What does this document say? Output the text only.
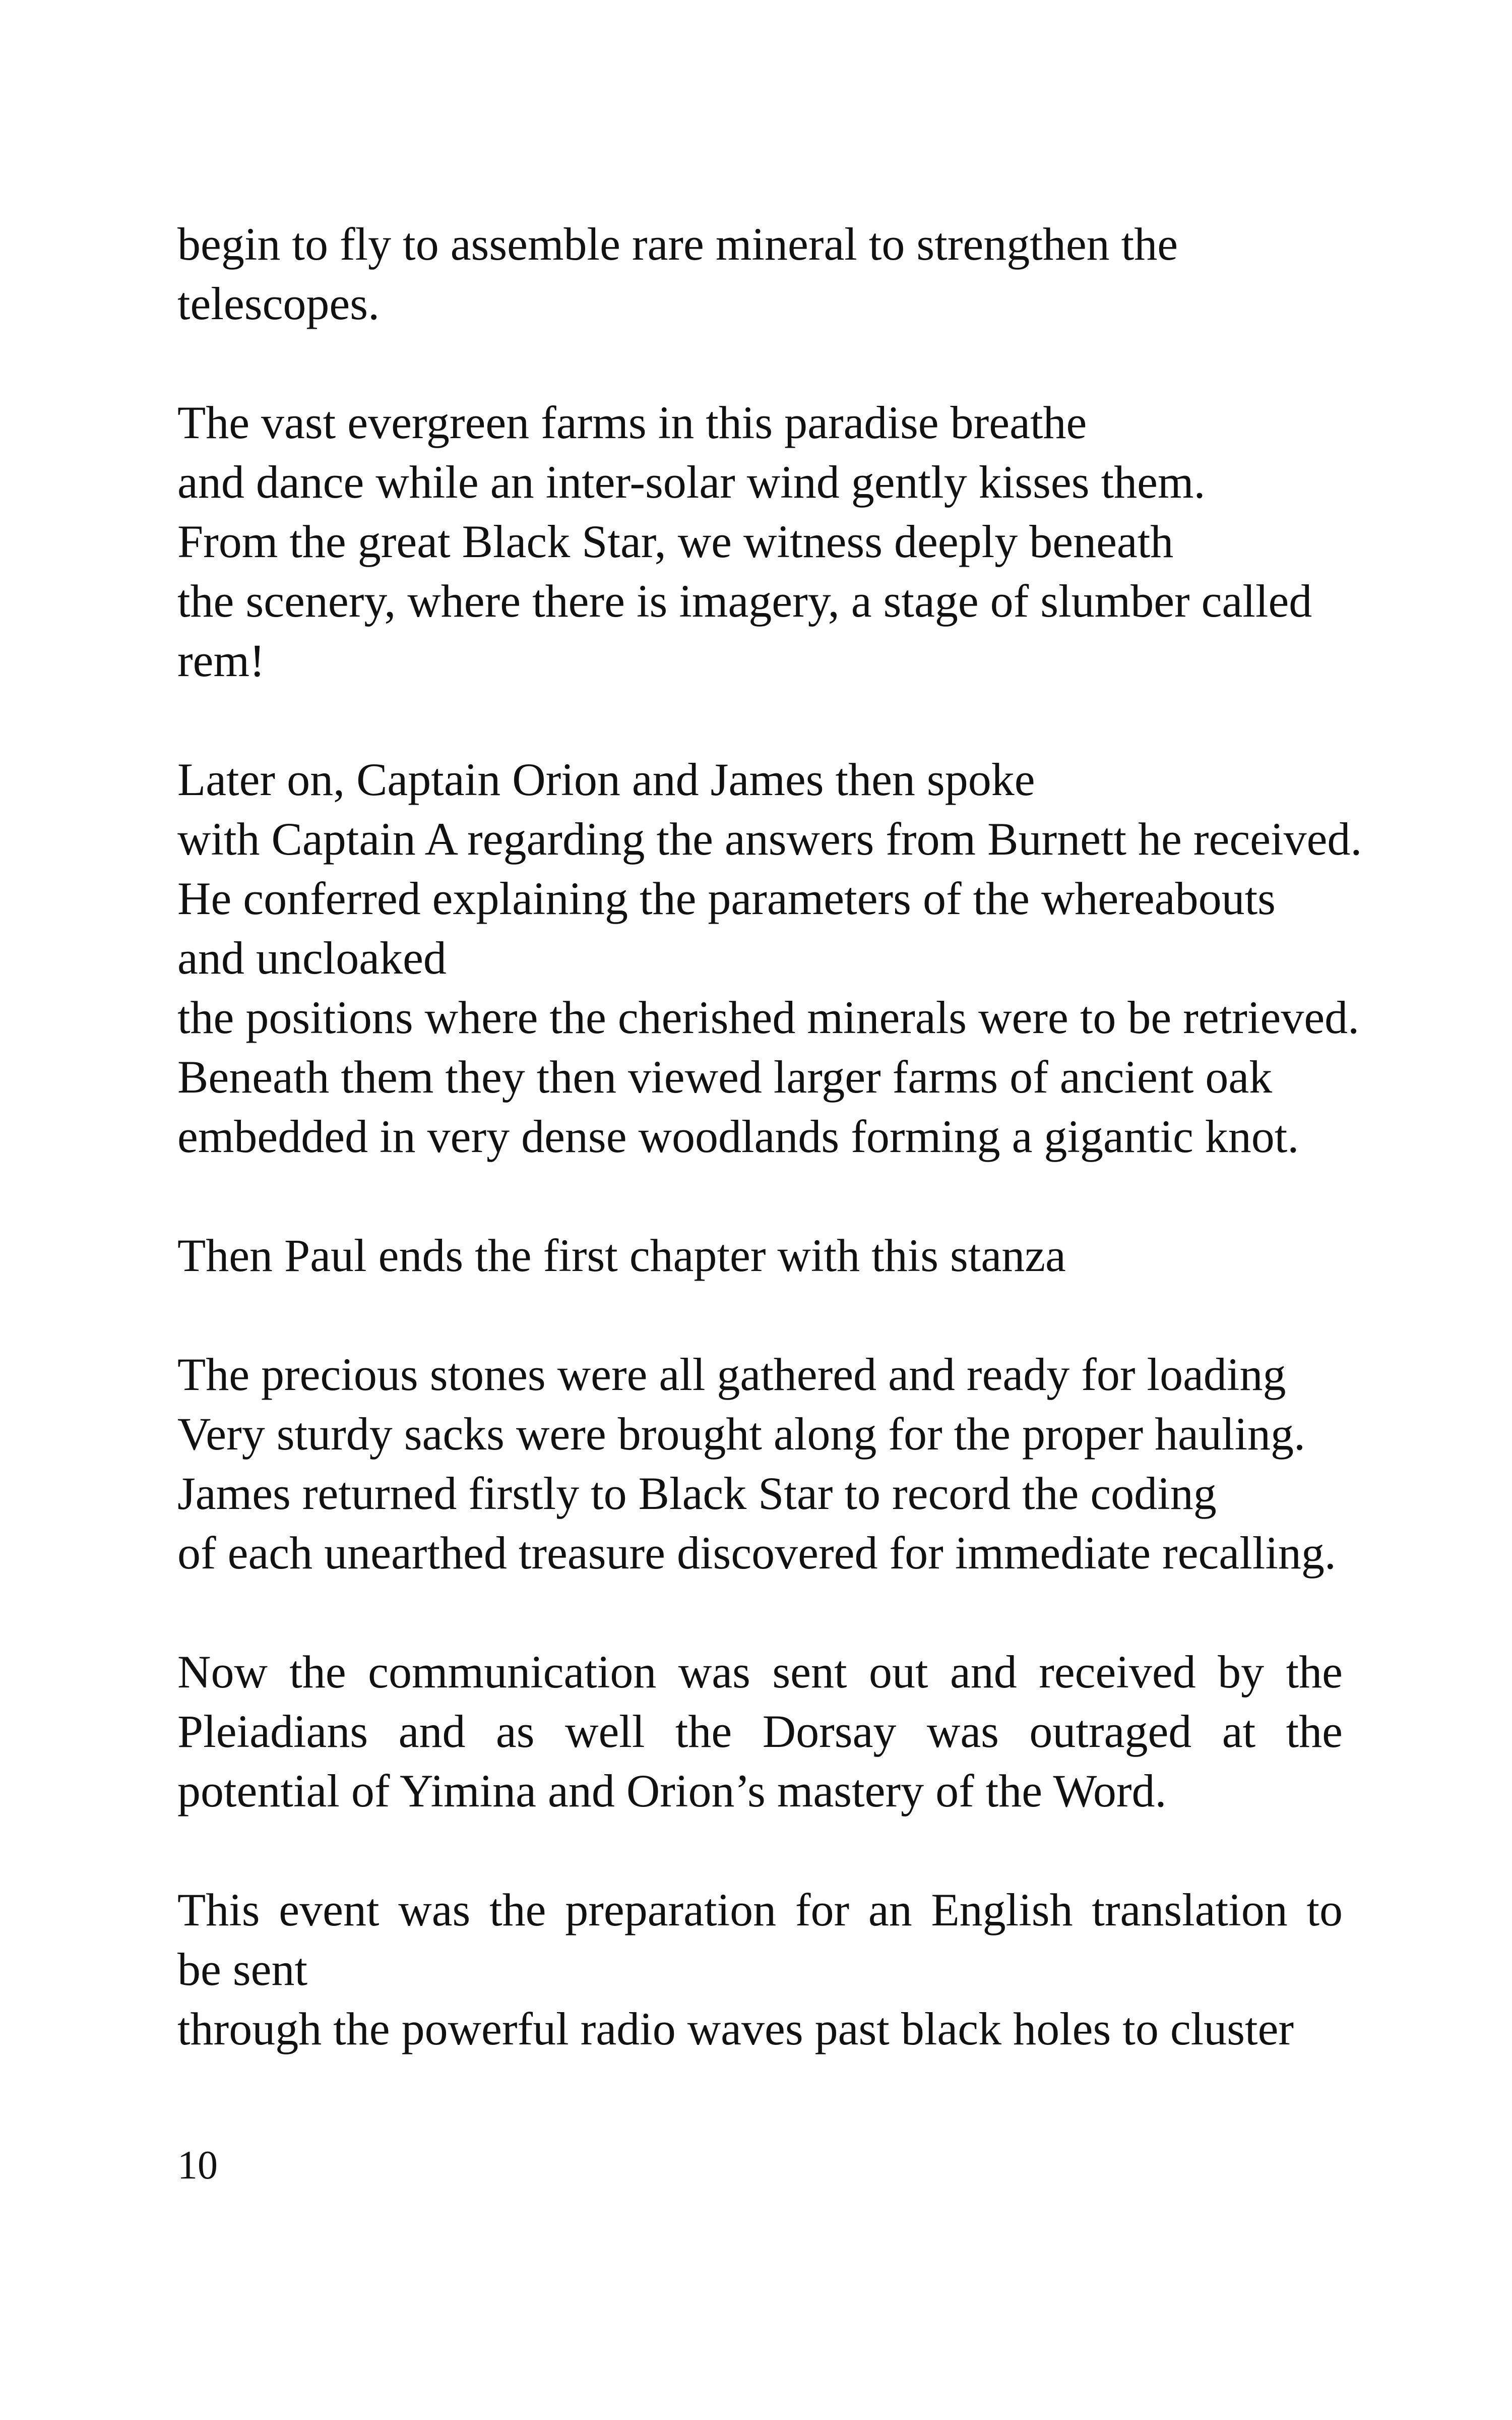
begin to fly to assemble rare mineral to strengthen the
telescopes.
The vast evergreen farms in this paradise breathe
and dance while an inter-solar wind gently kisses them.
From the great Black Star, we witness deeply beneath
the scenery, where there is imagery, a stage of slumber called
rem!
Later on, Captain Orion and James then spoke
with Captain A regarding the answers from Burnett he received.
He conferred explaining the parameters of the whereabouts
and uncloaked
the positions where the cherished minerals were to be retrieved.
Beneath them they then viewed larger farms of ancient oak
embedded in very dense woodlands forming a gigantic knot.
Then Paul ends the first chapter with this stanza
The precious stones were all gathered and ready for loading
Very sturdy sacks were brought along for the proper hauling.
James returned firstly to Black Star to record the coding
of each unearthed treasure discovered for immediate recalling.
Now the communication was sent out and received by the
Pleiadians and as well the Dorsay was outraged at the
potential of Yimina and Orion’s mastery of the Word.
This event was the preparation for an English translation to
be sent
through the powerful radio waves past black holes to cluster
10
